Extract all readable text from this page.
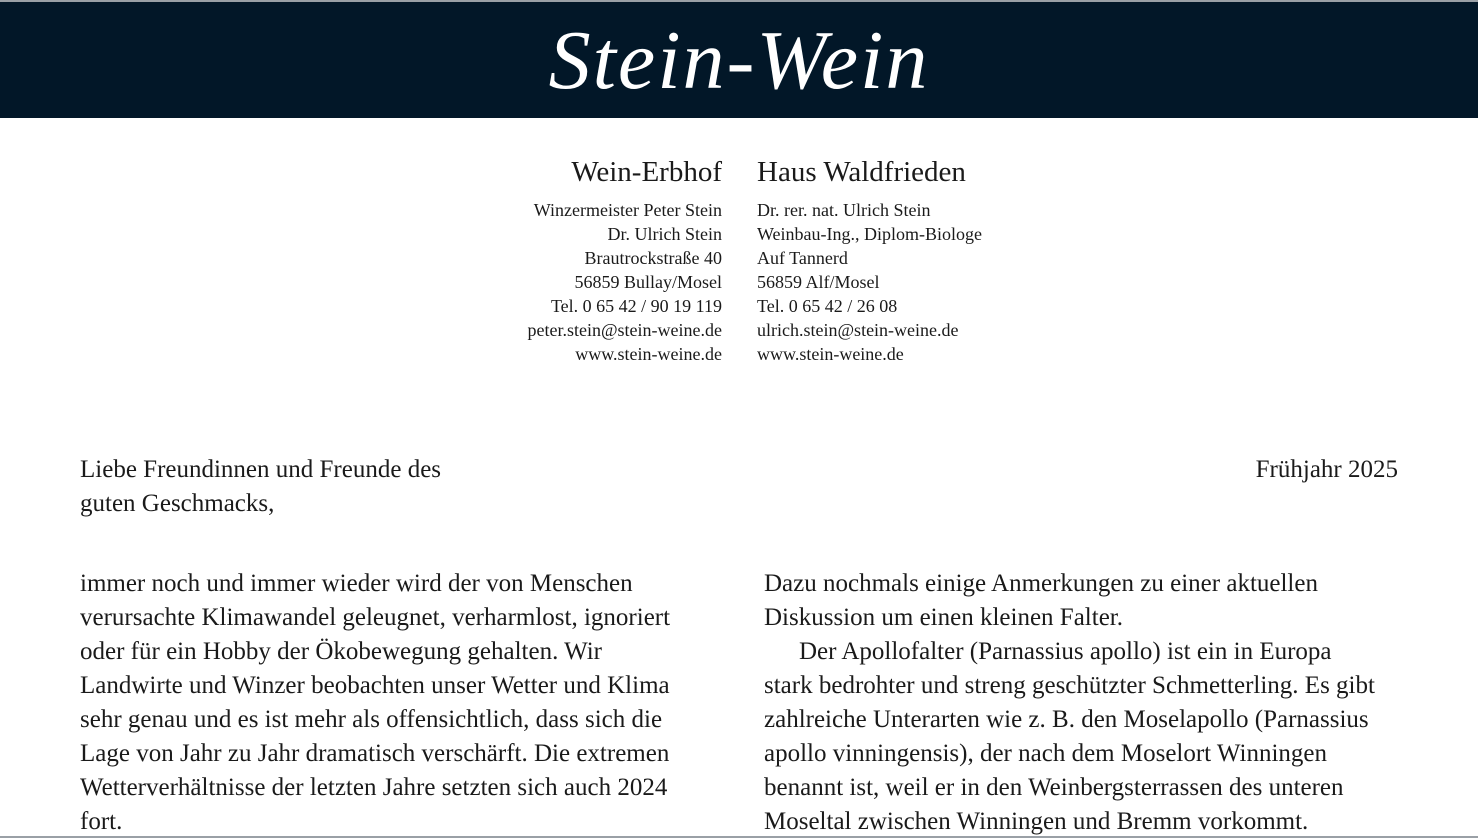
Stein-Wein
Wein-Erbhof
Winzermeister Peter Stein
Dr. Ulrich Stein
Brautrockstraße 40
56859 Bullay/Mosel
Tel. 0 65 42 / 90 19 119
peter.stein@stein-weine.de
www.stein-weine.de
Haus Waldfrieden
Dr. rer. nat. Ulrich Stein
Weinbau-Ing., Diplom-Biologe
Auf Tannerd
56859 Alf/Mosel
Tel. 0 65 42 / 26 08
ulrich.stein@stein-weine.de
www.stein-weine.de
Liebe Freundinnen und Freunde des
guten Geschmacks,
Frühjahr 2025
immer noch und immer wieder wird der von Menschen
verursachte Klimawandel geleugnet, verharmlost, ignoriert
oder für ein Hobby der Ökobewegung gehalten. Wir
Landwirte und Winzer beobachten unser Wetter und Klima
sehr genau und es ist mehr als offensichtlich, dass sich die
Lage von Jahr zu Jahr dramatisch verschärft. Die extremen
Wetterverhältnisse der letzten Jahre setzten sich auch 2024
fort.
Dazu nochmals einige Anmerkungen zu einer aktuellen
Diskussion um einen kleinen Falter.
Der Apollofalter (Parnassius apollo) ist ein in Europa
stark bedrohter und streng geschützter Schmetterling. Es gibt
zahlreiche Unterarten wie z. B. den Moselapollo (Parnassius
apollo vinningensis), der nach dem Moselort Winningen
benannt ist, weil er in den Weinbergsterrassen des unteren
Moseltal zwischen Winningen und Bremm vorkommt.
